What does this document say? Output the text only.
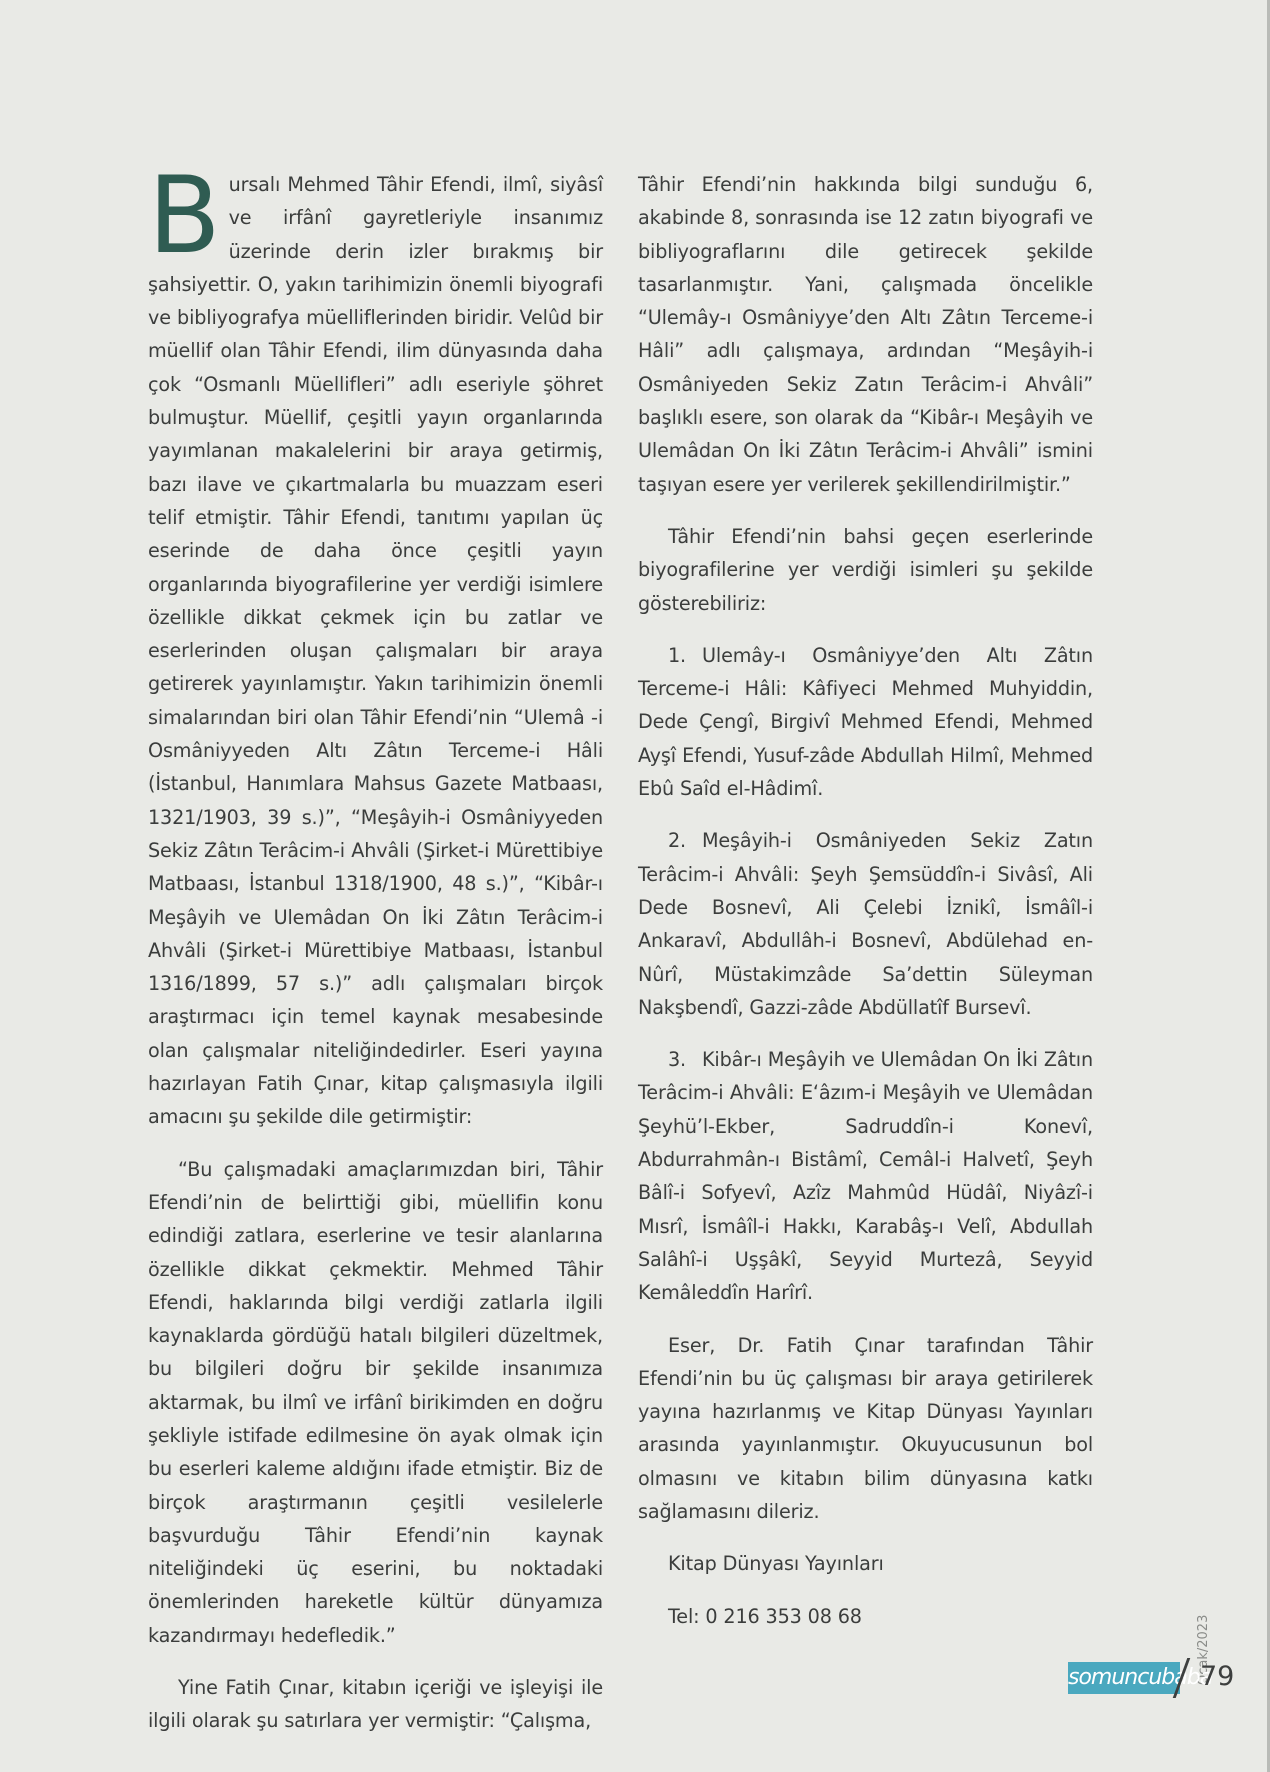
Bursalı Mehmed Tâhir Efendi, ilmî, siyâsî ve irfânî gayretleriyle insanımız üzerinde derin izler bırakmış bir şahsiyettir. O, yakın tarihimizin önemli biyografi ve bibliyografya müelliflerinden biridir. Velûd bir müellif olan Tâhir Efendi, ilim dünyasında daha çok “Osmanlı Müellifleri” adlı eseriyle şöhret bulmuştur. Müellif, çeşitli yayın organlarında yayımlanan makalelerini bir araya getirmiş, bazı ilave ve çıkartmalarla bu muazzam eseri telif etmiştir. Tâhir Efendi, tanıtımı yapılan üç eserinde de daha önce çeşitli yayın organlarında biyografilerine yer verdiği isimlere özellikle dikkat çekmek için bu zatlar ve eserlerinden oluşan çalışmaları bir araya getirerek yayınlamıştır. Yakın tarihimizin önemli simalarından biri olan Tâhir Efendi’nin “Ulemâ -i Osmâniyyeden Altı Zâtın Terceme-i Hâli (İstanbul, Hanımlara Mahsus Gazete Matbaası, 1321/1903, 39 s.)”, “Meşâyih-i Osmâniyyeden Sekiz Zâtın Terâcim-i Ahvâli (Şirket-i Mürettibiye Matbaası, İstanbul 1318/1900, 48 s.)”, “Kibâr-ı Meşâyih ve Ulemâdan On İki Zâtın Terâcim-i Ahvâli (Şirket-i Mürettibiye Matbaası, İstanbul 1316/1899, 57 s.)” adlı çalışmaları birçok araştırmacı için temel kaynak mesabesinde olan çalışmalar niteliğindedirler. Eseri yayına hazırlayan Fatih Çınar, kitap çalışmasıyla ilgili amacını şu şekilde dile getirmiştir:

“Bu çalışmadaki amaçlarımızdan biri, Tâhir Efendi’nin de belirttiği gibi, müellifin konu edindiği zatlara, eserlerine ve tesir alanlarına özellikle dikkat çekmektir. Mehmed Tâhir Efendi, haklarında bilgi verdiği zatlarla ilgili kaynaklarda gördüğü hatalı bilgileri düzeltmek, bu bilgileri doğru bir şekilde insanımıza aktarmak, bu ilmî ve irfânî birikimden en doğru şekliyle istifade edilmesine ön ayak olmak için bu eserleri kaleme aldığını ifade etmiştir. Biz de birçok araştırmanın çeşitli vesilelerle başvurduğu Tâhir Efendi’nin kaynak niteliğindeki üç eserini, bu noktadaki önemlerinden hareketle kültür dünyamıza kazandırmayı hedefledik.”

Yine Fatih Çınar, kitabın içeriği ve işleyişi ile ilgili olarak şu satırlara yer vermiştir: “Çalışma,

Tâhir Efendi’nin hakkında bilgi sunduğu 6, akabinde 8, sonrasında ise 12 zatın biyografi ve bibliyograflarını dile getirecek şekilde tasarlanmıştır. Yani, çalışmada öncelikle “Ulemây-ı Osmâniyye’den Altı Zâtın Terceme-i Hâli” adlı çalışmaya, ardından “Meşâyih-i Osmâniyeden Sekiz Zatın Terâcim-i Ahvâli” başlıklı esere, son olarak da “Kibâr-ı Meşâyih ve Ulemâdan On İki Zâtın Terâcim-i Ahvâli” ismini taşıyan esere yer verilerek şekillendirilmiştir.”

Tâhir Efendi’nin bahsi geçen eserlerinde biyografilerine yer verdiği isimleri şu şekilde gösterebiliriz:

1. Ulemây-ı Osmâniyye’den Altı Zâtın Terceme-i Hâli: Kâfiyeci Mehmed Muhyiddin, Dede Çengî, Birgivî Mehmed Efendi, Mehmed Ayşî Efendi, Yusuf-zâde Abdullah Hilmî, Mehmed Ebû Saîd el-Hâdimî.

2. Meşâyih-i Osmâniyeden Sekiz Zatın Terâcim-i Ahvâli: Şeyh Şemsüddîn-i Sivâsî, Ali Dede Bosnevî, Ali Çelebi İznikî, İsmâîl-i Ankaravî, Abdullâh-i Bosnevî, Abdülehad en-Nûrî, Müstakimzâde Sa’dettin Süleyman Nakşbendî, Gazzi-zâde Abdüllatîf Bursevî.

3. Kibâr-ı Meşâyih ve Ulemâdan On İki Zâtın Terâcim-i Ahvâli: E‘âzım-i Meşâyih ve Ulemâdan Şeyhü’l-Ekber, Sadruddîn-i Konevî, Abdurrahmân-ı Bistâmî, Cemâl-i Halvetî, Şeyh Bâlî-i Sofyevî, Azîz Mahmûd Hüdâî, Niyâzî-i Mısrî, İsmâîl-i Hakkı, Karabâş-ı Velî, Abdullah Salâhî-i Uşşâkî, Seyyid Murtezâ, Seyyid Kemâleddîn Harîrî.

Eser, Dr. Fatih Çınar tarafından Tâhir Efendi’nin bu üç çalışması bir araya getirilerek yayına hazırlanmış ve Kitap Dünyası Yayınları arasında yayınlanmıştır. Okuyucusunun bol olmasını ve kitabın bilim dünyasına katkı sağlamasını dileriz.

Kitap Dünyası Yayınları

Tel: 0 216 353 08 68	Ocak/2023
somuncubaba
79
